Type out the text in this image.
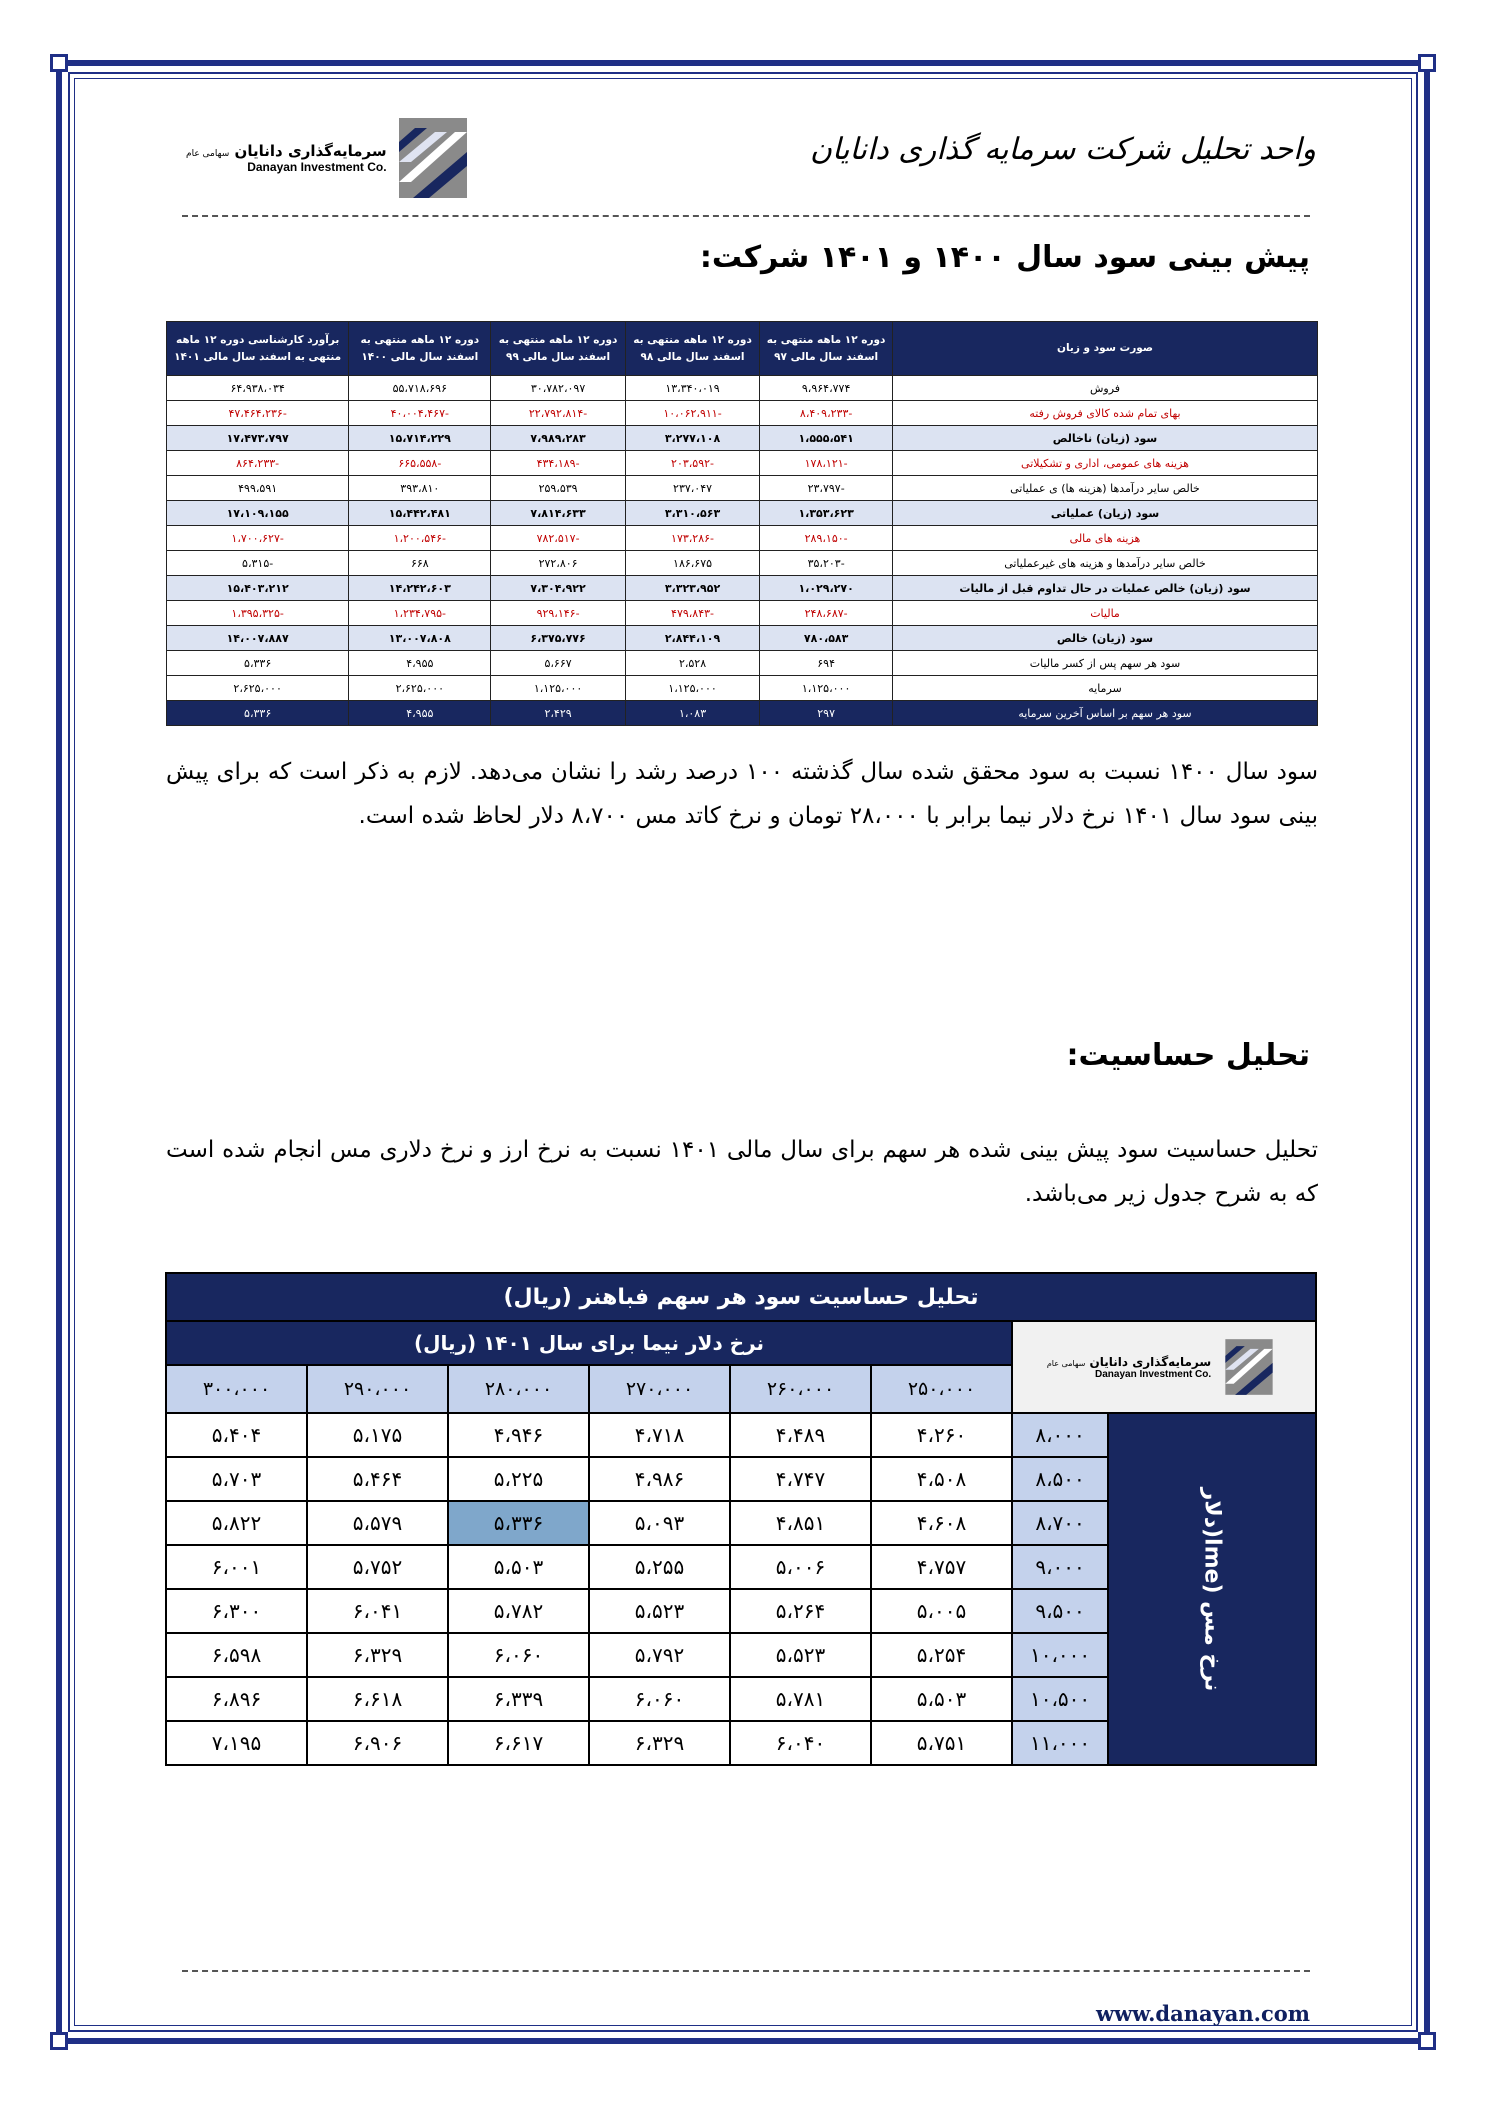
واحد تحلیل شرکت سرمایه گذاری دانایان
سرمایه‌گذاری دانایان سهامی عام
Danayan Investment Co.
پیش بینی سود سال ۱۴۰۰ و ۱۴۰۱ شرکت:
صورت سود و زیان	دوره ۱۲ ماهه منتهی به اسفند سال مالی ۹۷	دوره ۱۲ ماهه منتهی به اسفند سال مالی ۹۸	دوره ۱۲ ماهه منتهی به اسفند سال مالی ۹۹	دوره ۱۲ ماهه منتهی به اسفند سال مالی ۱۴۰۰	برآورد کارشناسی دوره ۱۲ ماهه منتهی به اسفند سال مالی ۱۴۰۱
فروش	۹،۹۶۴،۷۷۴	۱۳،۳۴۰،۰۱۹	۳۰،۷۸۲،۰۹۷	۵۵،۷۱۸،۶۹۶	۶۴،۹۳۸،۰۳۴
بهای تمام شده کالای فروش رفته	-۸،۴۰۹،۲۳۳	-۱۰،۰۶۲،۹۱۱	-۲۲،۷۹۲،۸۱۴	-۴۰،۰۰۴،۴۶۷	-۴۷،۴۶۴،۲۳۶
سود (زیان) ناخالص	۱،۵۵۵،۵۴۱	۳،۲۷۷،۱۰۸	۷،۹۸۹،۲۸۳	۱۵،۷۱۴،۲۲۹	۱۷،۴۷۳،۷۹۷
هزینه های عمومی، اداری و تشکیلاتی	-۱۷۸،۱۲۱	-۲۰۳،۵۹۲	-۴۳۴،۱۸۹	-۶۶۵،۵۵۸	-۸۶۴،۲۳۳
خالص سایر درآمدها (هزینه ها) ی عملیاتی	-۲۳،۷۹۷	۲۳۷،۰۴۷	۲۵۹،۵۳۹	۳۹۳،۸۱۰	۴۹۹،۵۹۱
سود (زیان) عملیاتی	۱،۳۵۳،۶۲۳	۳،۳۱۰،۵۶۳	۷،۸۱۴،۶۳۳	۱۵،۴۴۲،۴۸۱	۱۷،۱۰۹،۱۵۵
هزینه های مالی	-۲۸۹،۱۵۰	-۱۷۳،۲۸۶	-۷۸۲،۵۱۷	-۱،۲۰۰،۵۴۶	-۱،۷۰۰،۶۲۷
خالص سایر درآمدها و هزینه های غیرعملیاتی	-۳۵،۲۰۳	۱۸۶،۶۷۵	۲۷۲،۸۰۶	۶۶۸	-۵،۳۱۵
سود (زیان) خالص عملیات در حال تداوم قبل از مالیات	۱،۰۲۹،۲۷۰	۳،۳۲۳،۹۵۲	۷،۳۰۴،۹۲۲	۱۴،۲۴۲،۶۰۳	۱۵،۴۰۳،۲۱۲
مالیات	-۲۴۸،۶۸۷	-۴۷۹،۸۴۳	-۹۲۹،۱۴۶	-۱،۲۳۴،۷۹۵	-۱،۳۹۵،۳۲۵
سود (زیان) خالص	۷۸۰،۵۸۳	۲،۸۴۴،۱۰۹	۶،۳۷۵،۷۷۶	۱۳،۰۰۷،۸۰۸	۱۴،۰۰۷،۸۸۷
سود هر سهم پس از کسر مالیات	۶۹۴	۲،۵۲۸	۵،۶۶۷	۴،۹۵۵	۵،۳۳۶
سرمایه	۱،۱۲۵،۰۰۰	۱،۱۲۵،۰۰۰	۱،۱۲۵،۰۰۰	۲،۶۲۵،۰۰۰	۲،۶۲۵،۰۰۰
سود هر سهم بر اساس آخرین سرمایه	۲۹۷	۱،۰۸۳	۲،۴۲۹	۴،۹۵۵	۵،۳۳۶
سود سال ۱۴۰۰ نسبت به سود محقق شده سال گذشته ۱۰۰ درصد رشد را نشان می‌دهد. لازم به ذکر است که برای پیش بینی سود سال ۱۴۰۱ نرخ دلار نیما برابر با ۲۸،۰۰۰ تومان و نرخ کاتد مس ۸،۷۰۰ دلار لحاظ شده است.
تحلیل حساسیت:
تحلیل حساسیت سود پیش بینی شده هر سهم برای سال مالی ۱۴۰۱ نسبت به نرخ ارز و نرخ دلاری مس انجام شده است که به شرح جدول زیر می‌باشد.
تحلیل حساسیت سود هر سهم فباهنر (ریال)							

سرمایه‌گذاری دانایان سهامی عام
Danayan Investment Co.		نرخ دلار نیما برای سال ۱۴۰۱ (ریال)					
		۲۵۰،۰۰۰	۲۶۰،۰۰۰	۲۷۰،۰۰۰	۲۸۰،۰۰۰	۲۹۰،۰۰۰	۳۰۰،۰۰۰
نرخ مس (lme(دلار	۸،۰۰۰	۴،۲۶۰	۴،۴۸۹	۴،۷۱۸	۴،۹۴۶	۵،۱۷۵	۵،۴۰۴
	۸،۵۰۰	۴،۵۰۸	۴،۷۴۷	۴،۹۸۶	۵،۲۲۵	۵،۴۶۴	۵،۷۰۳
	۸،۷۰۰	۴،۶۰۸	۴،۸۵۱	۵،۰۹۳	۵،۳۳۶	۵،۵۷۹	۵،۸۲۲
	۹،۰۰۰	۴،۷۵۷	۵،۰۰۶	۵،۲۵۵	۵،۵۰۳	۵،۷۵۲	۶،۰۰۱
	۹،۵۰۰	۵،۰۰۵	۵،۲۶۴	۵،۵۲۳	۵،۷۸۲	۶،۰۴۱	۶،۳۰۰
	۱۰،۰۰۰	۵،۲۵۴	۵،۵۲۳	۵،۷۹۲	۶،۰۶۰	۶،۳۲۹	۶،۵۹۸
	۱۰،۵۰۰	۵،۵۰۳	۵،۷۸۱	۶،۰۶۰	۶،۳۳۹	۶،۶۱۸	۶،۸۹۶
	۱۱،۰۰۰	۵،۷۵۱	۶،۰۴۰	۶،۳۲۹	۶،۶۱۷	۶،۹۰۶	۷،۱۹۵
www.danayan.com
